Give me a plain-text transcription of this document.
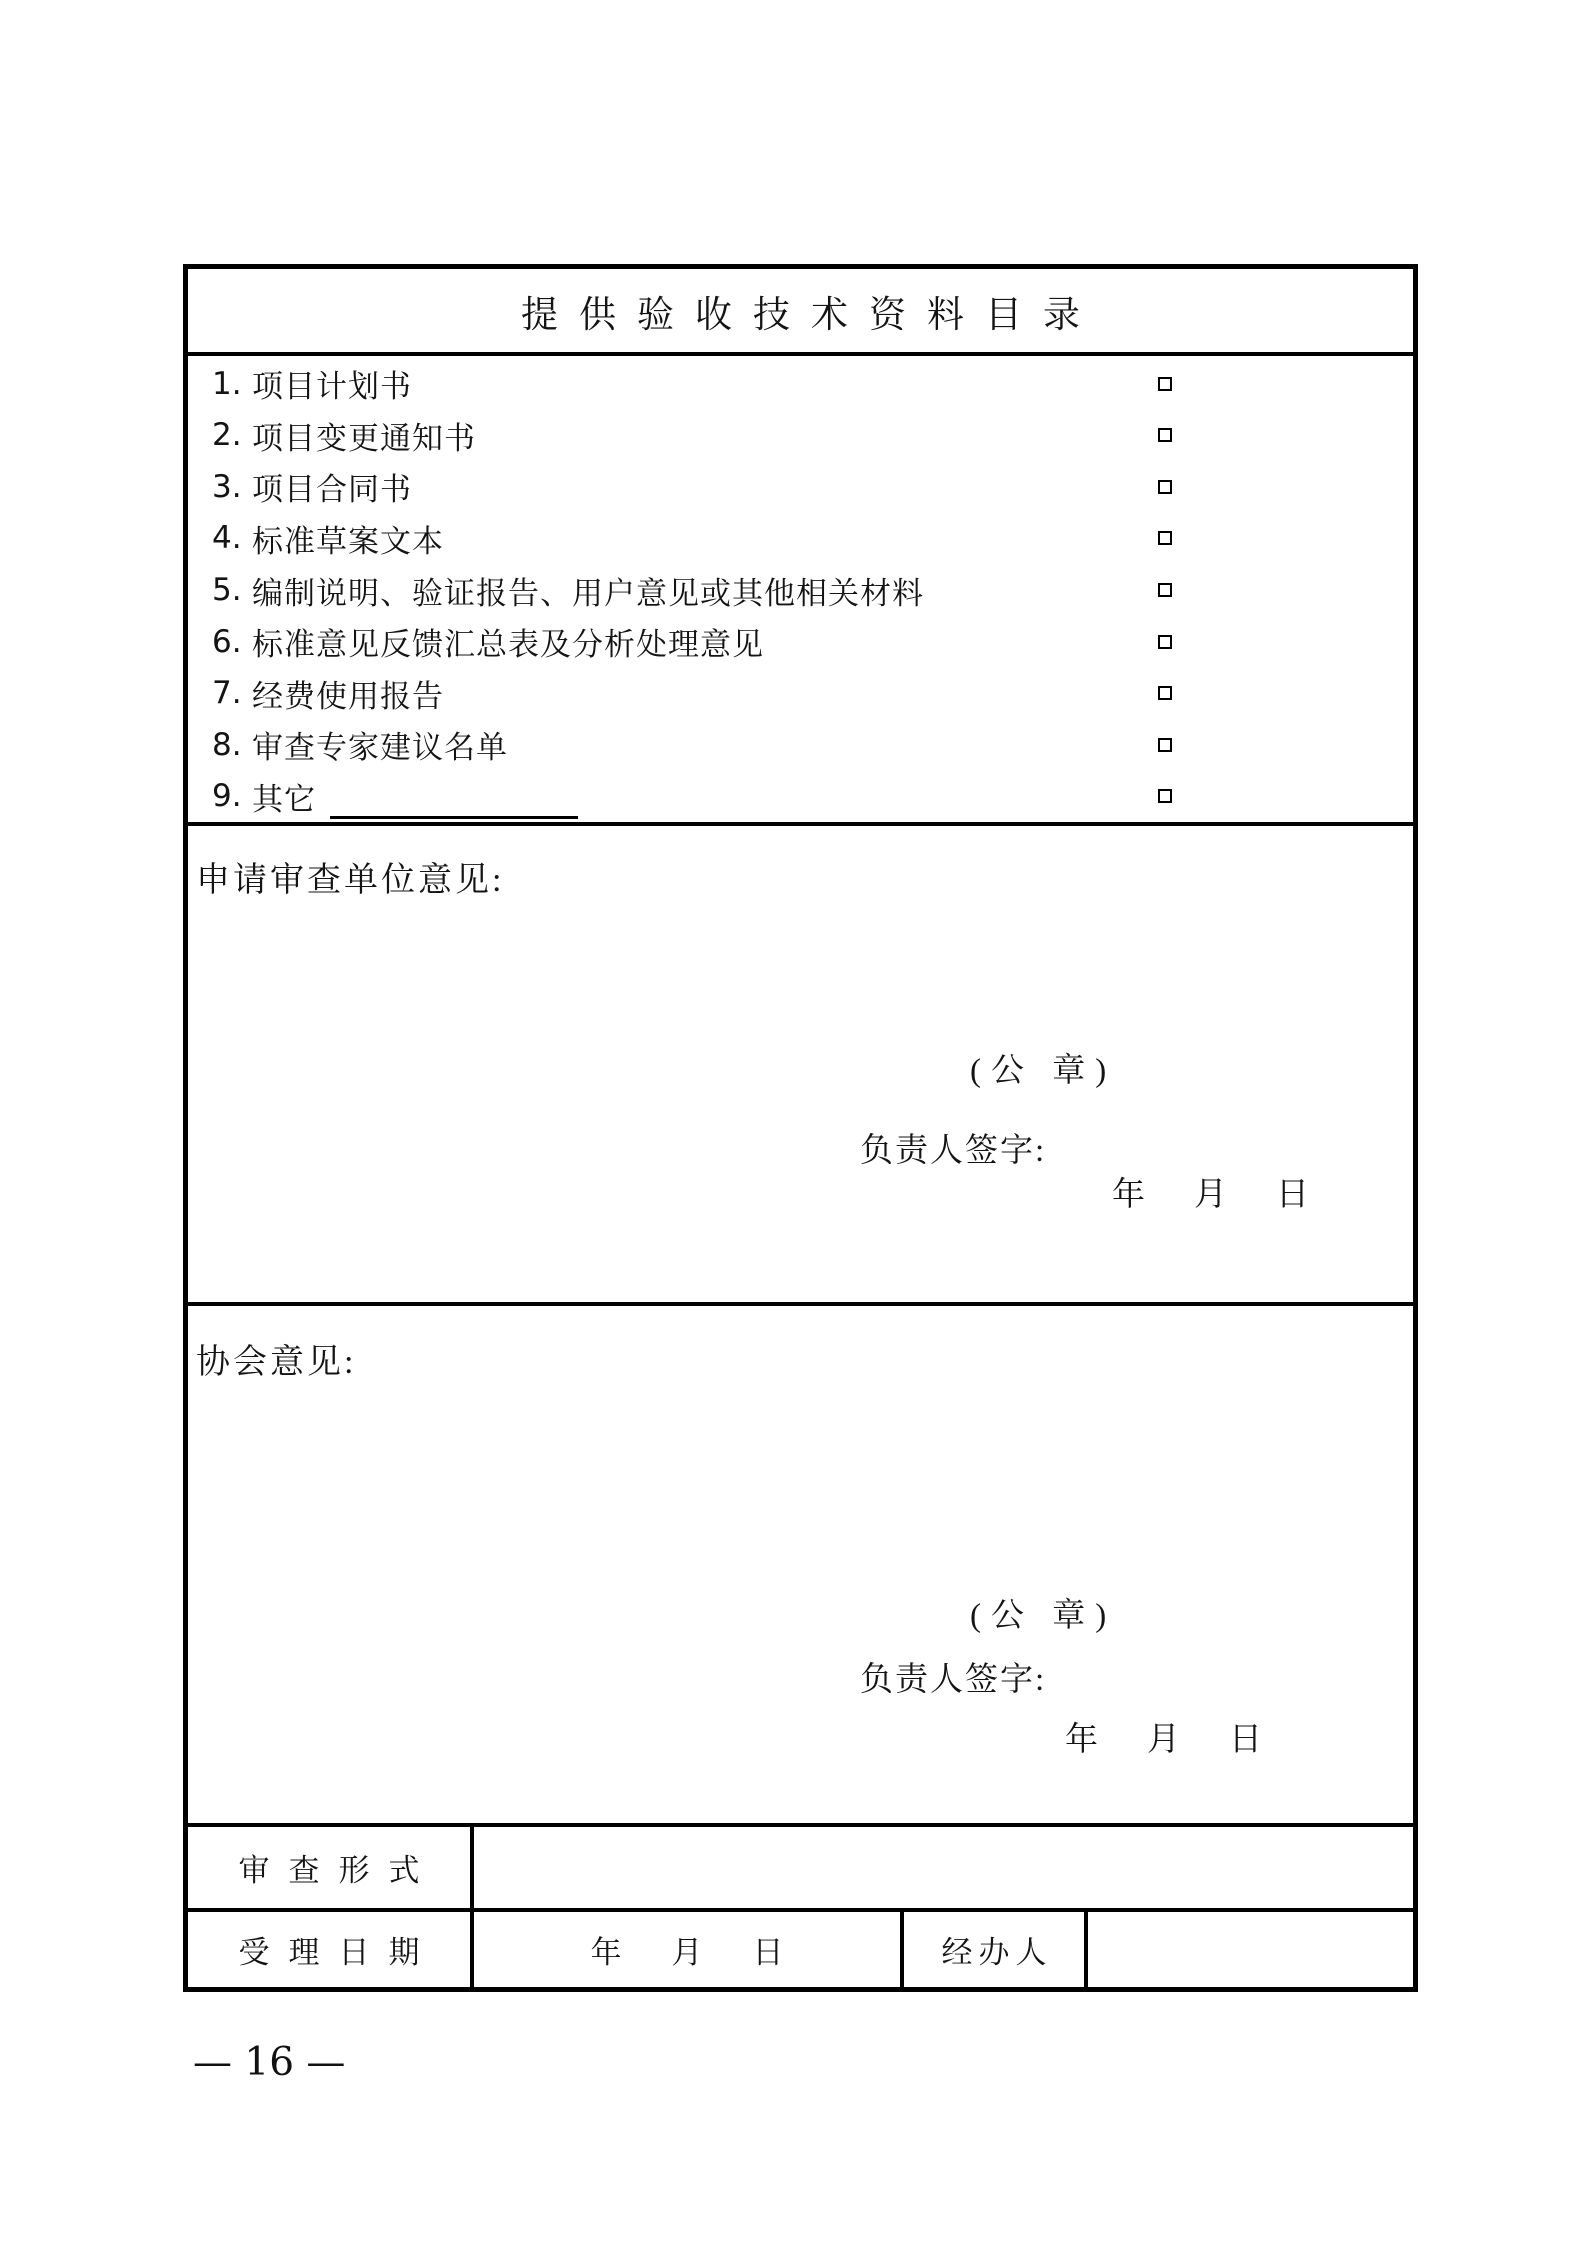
提供验收技术资料目录
1. 项目计划书
2. 项目变更通知书
3. 项目合同书
4. 标准草案文本
5. 编制说明、验证报告、用户意见或其他相关材料
6. 标准意见反馈汇总表及分析处理意见
7. 经费使用报告
8. 审查专家建议名单
9. 其它
申请审查单位意见:
(公 章)
负责人签字:
年 月 日
协会意见:
(公 章)
负责人签字:
年 月 日
审查形式
受理日期	年 月 日	经办人
— 16 —
